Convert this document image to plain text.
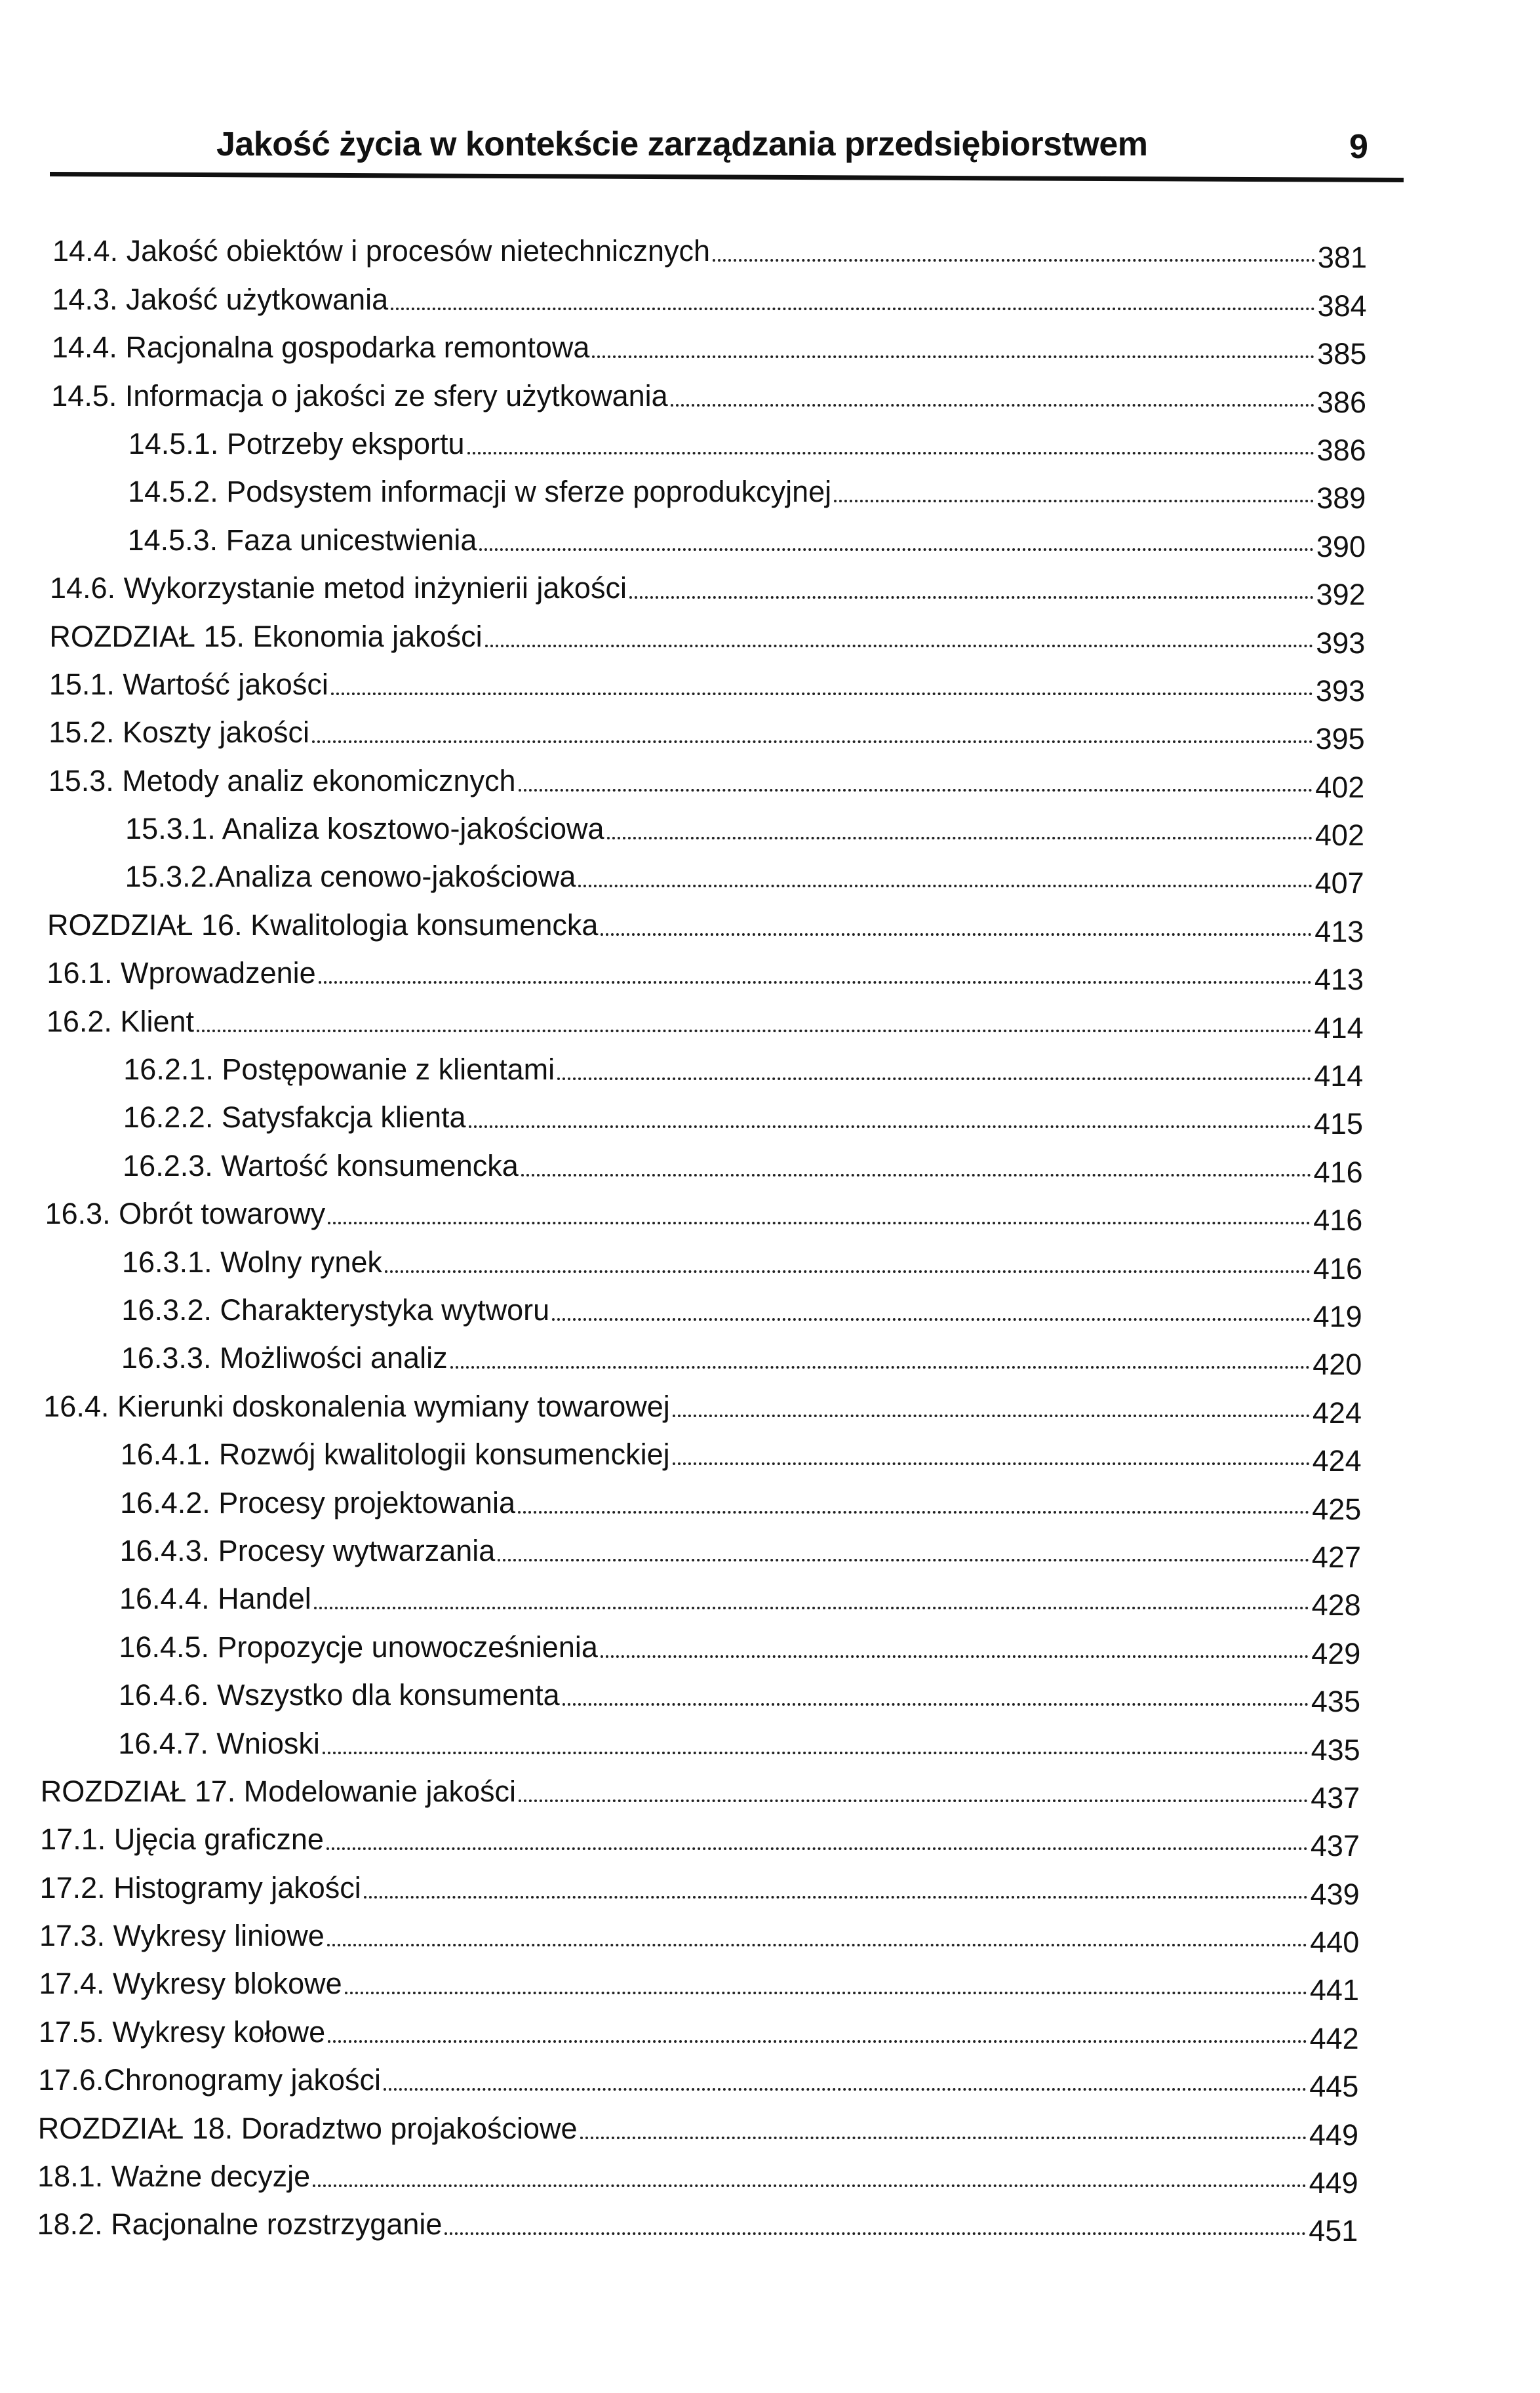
Jakość życia w kontekście zarządzania przedsiębiorstwem	9
14.4. Jakość obiektów i procesów nietechnicznych	381
14.3. Jakość użytkowania	384
14.4. Racjonalna gospodarka remontowa	385
14.5. Informacja o jakości ze sfery użytkowania	386
14.5.1. Potrzeby eksportu	386
14.5.2. Podsystem informacji w sferze poprodukcyjnej	389
14.5.3. Faza unicestwienia	390
14.6. Wykorzystanie metod inżynierii jakości	392
ROZDZIAŁ 15. Ekonomia jakości	393
15.1. Wartość jakości	393
15.2. Koszty jakości	395
15.3. Metody analiz ekonomicznych	402
15.3.1. Analiza kosztowo-jakościowa	402
15.3.2.Analiza cenowo-jakościowa	407
ROZDZIAŁ 16. Kwalitologia konsumencka	413
16.1. Wprowadzenie	413
16.2. Klient	414
16.2.1. Postępowanie z klientami	414
16.2.2. Satysfakcja klienta	415
16.2.3. Wartość konsumencka	416
16.3. Obrót towarowy	416
16.3.1. Wolny rynek	416
16.3.2. Charakterystyka wytworu	419
16.3.3. Możliwości analiz	420
16.4. Kierunki doskonalenia wymiany towarowej	424
16.4.1. Rozwój kwalitologii konsumenckiej	424
16.4.2. Procesy projektowania	425
16.4.3. Procesy wytwarzania	427
16.4.4. Handel	428
16.4.5. Propozycje unowocześnienia	429
16.4.6. Wszystko dla konsumenta	435
16.4.7. Wnioski	435
ROZDZIAŁ 17. Modelowanie jakości	437
17.1. Ujęcia graficzne	437
17.2. Histogramy jakości	439
17.3. Wykresy liniowe	440
17.4. Wykresy blokowe	441
17.5. Wykresy kołowe	442
17.6.Chronogramy jakości	445
ROZDZIAŁ 18. Doradztwo projakościowe	449
18.1. Ważne decyzje	449
18.2. Racjonalne rozstrzyganie	451
